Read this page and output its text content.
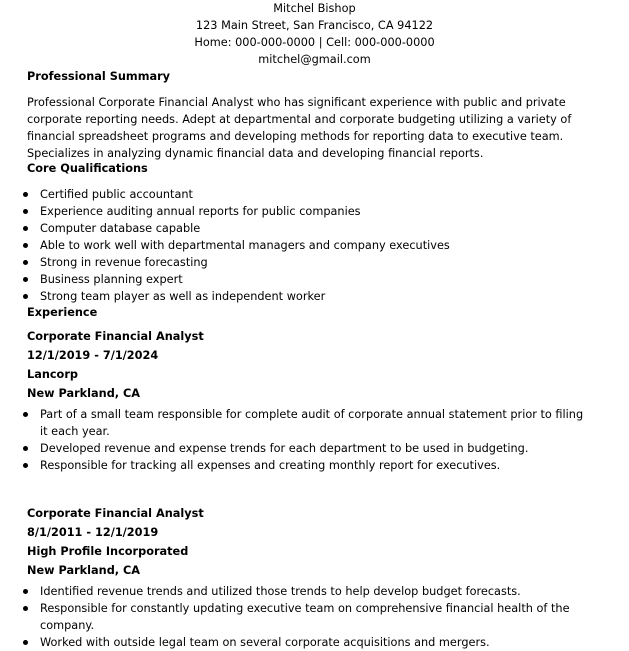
Mitchel Bishop
123 Main Street, San Francisco, CA 94122
Home: 000-000-0000 | Cell: 000-000-0000
mitchel@gmail.com
Professional Summary
Professional Corporate Financial Analyst who has significant experience with public and private corporate reporting needs. Adept at departmental and corporate budgeting utilizing a variety of financial spreadsheet programs and developing methods for reporting data to executive team. Specializes in analyzing dynamic financial data and developing financial reports.
Core Qualifications
Certified public accountant
Experience auditing annual reports for public companies
Computer database capable
Able to work well with departmental managers and company executives
Strong in revenue forecasting
Business planning expert
Strong team player as well as independent worker
Experience
Corporate Financial Analyst
12/1/2019 - 7/1/2024
Lancorp
New Parkland, CA
Part of a small team responsible for complete audit of corporate annual statement prior to filing it each year.
Developed revenue and expense trends for each department to be used in budgeting.
Responsible for tracking all expenses and creating monthly report for executives.
Corporate Financial Analyst
8/1/2011 - 12/1/2019
High Profile Incorporated
New Parkland, CA
Identified revenue trends and utilized those trends to help develop budget forecasts.
Responsible for constantly updating executive team on comprehensive financial health of the company.
Worked with outside legal team on several corporate acquisitions and mergers.
